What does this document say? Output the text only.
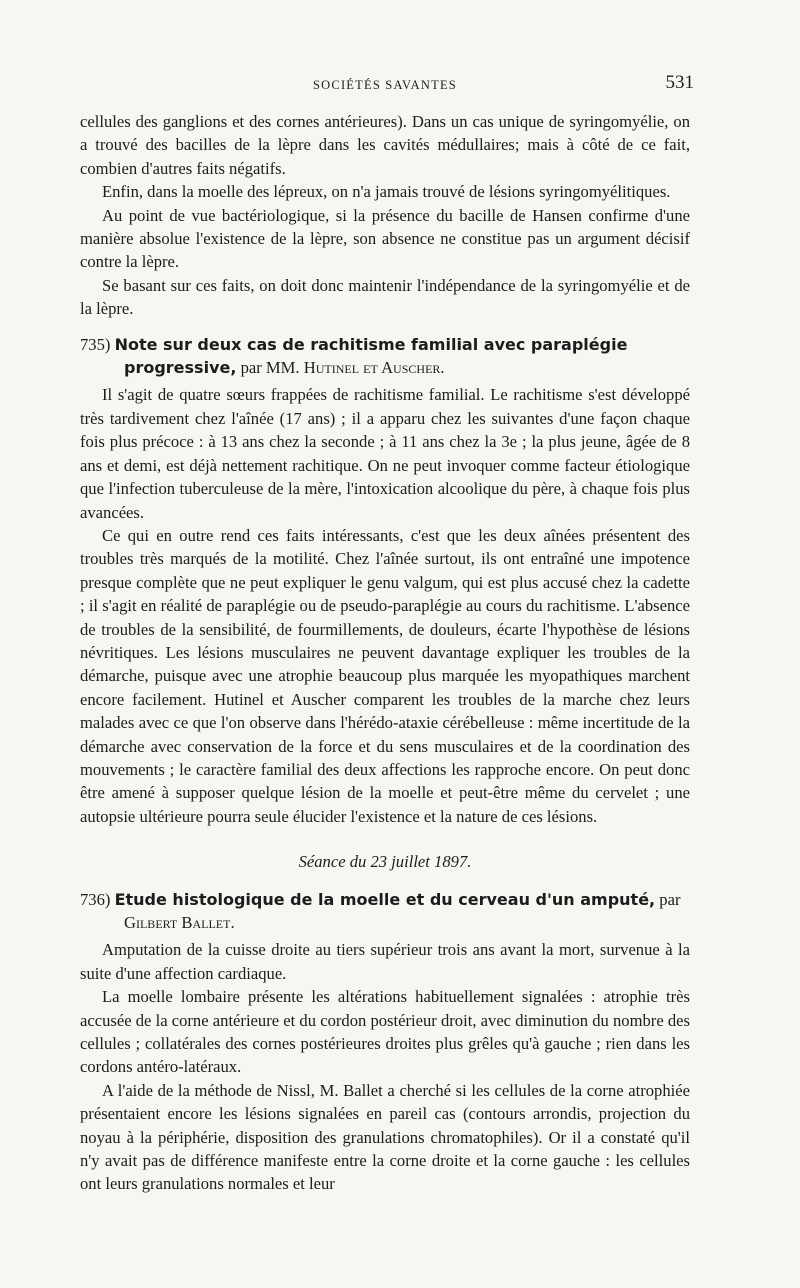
SOCIÉTÉS SAVANTES	531

cellules des ganglions et des cornes antérieures). Dans un cas unique de syringomyélie, on a trouvé des bacilles de la lèpre dans les cavités médullaires; mais à côté de ce fait, combien d'autres faits négatifs.

Enfin, dans la moelle des lépreux, on n'a jamais trouvé de lésions syringomyélitiques.

Au point de vue bactériologique, si la présence du bacille de Hansen confirme d'une manière absolue l'existence de la lèpre, son absence ne constitue pas un argument décisif contre la lèpre.

Se basant sur ces faits, on doit donc maintenir l'indépendance de la syringomyélie et de la lèpre.

735) Note sur deux cas de rachitisme familial avec paraplégie progressive, par MM. Hutinel et Auscher.

Il s'agit de quatre sœurs frappées de rachitisme familial. Le rachitisme s'est développé très tardivement chez l'aînée (17 ans) ; il a apparu chez les suivantes d'une façon chaque fois plus précoce : à 13 ans chez la seconde ; à 11 ans chez la 3e ; la plus jeune, âgée de 8 ans et demi, est déjà nettement rachitique. On ne peut invoquer comme facteur étiologique que l'infection tuberculeuse de la mère, l'intoxication alcoolique du père, à chaque fois plus avancées.

Ce qui en outre rend ces faits intéressants, c'est que les deux aînées présentent des troubles très marqués de la motilité. Chez l'aînée surtout, ils ont entraîné une impotence presque complète que ne peut expliquer le genu valgum, qui est plus accusé chez la cadette ; il s'agit en réalité de paraplégie ou de pseudo-paraplégie au cours du rachitisme. L'absence de troubles de la sensibilité, de fourmillements, de douleurs, écarte l'hypothèse de lésions névritiques. Les lésions musculaires ne peuvent davantage expliquer les troubles de la démarche, puisque avec une atrophie beaucoup plus marquée les myopathiques marchent encore facilement. Hutinel et Auscher comparent les troubles de la marche chez leurs malades avec ce que l'on observe dans l'hérédo-ataxie cérébelleuse : même incertitude de la démarche avec conservation de la force et du sens musculaires et de la coordination des mouvements ; le caractère familial des deux affections les rapproche encore. On peut donc être amené à supposer quelque lésion de la moelle et peut-être même du cervelet ; une autopsie ultérieure pourra seule élucider l'existence et la nature de ces lésions.

Séance du 23 juillet 1897.
736) Etude histologique de la moelle et du cerveau d'un amputé, par Gilbert Ballet.

Amputation de la cuisse droite au tiers supérieur trois ans avant la mort, survenue à la suite d'une affection cardiaque.

La moelle lombaire présente les altérations habituellement signalées : atrophie très accusée de la corne antérieure et du cordon postérieur droit, avec diminution du nombre des cellules ; collatérales des cornes postérieures droites plus grêles qu'à gauche ; rien dans les cordons antéro-latéraux.

A l'aide de la méthode de Nissl, M. Ballet a cherché si les cellules de la corne atrophiée présentaient encore les lésions signalées en pareil cas (contours arrondis, projection du noyau à la périphérie, disposition des granulations chromatophiles). Or il a constaté qu'il n'y avait pas de différence manifeste entre la corne droite et la corne gauche : les cellules ont leurs granulations normales et leur
